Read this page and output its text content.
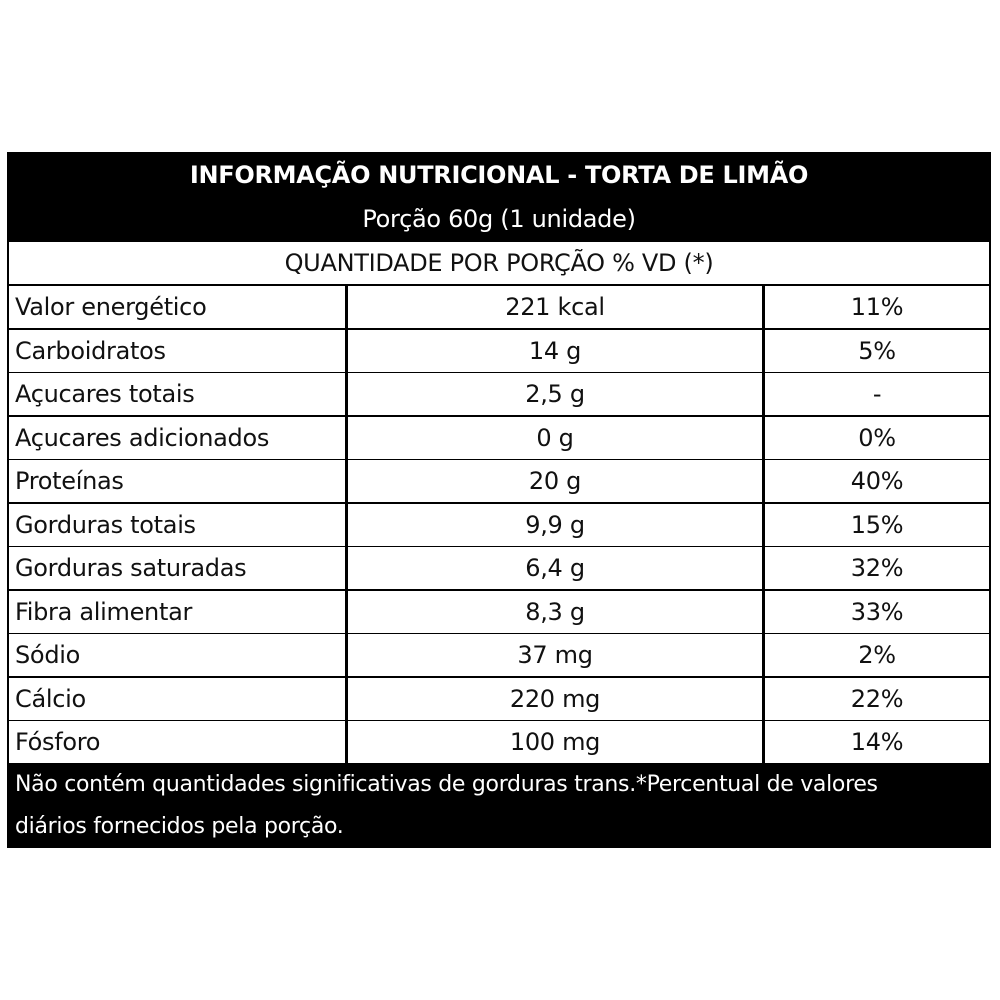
INFORMAÇÃO NUTRICIONAL - TORTA DE LIMÃO
Porção 60g (1 unidade)
QUANTIDADE POR PORÇÃO % VD (*)
Valor energético	221 kcal	11%
Carboidratos	14 g	5%
Açucares totais	2,5 g	-
Açucares adicionados	0 g	0%
Proteínas	20 g	40%
Gorduras totais	9,9 g	15%
Gorduras saturadas	6,4 g	32%
Fibra alimentar	8,3 g	33%
Sódio	37 mg	2%
Cálcio	220 mg	22%
Fósforo	100 mg	14%
Não contém quantidades significativas de gorduras trans.*Percentual de valores
diários fornecidos pela porção.
